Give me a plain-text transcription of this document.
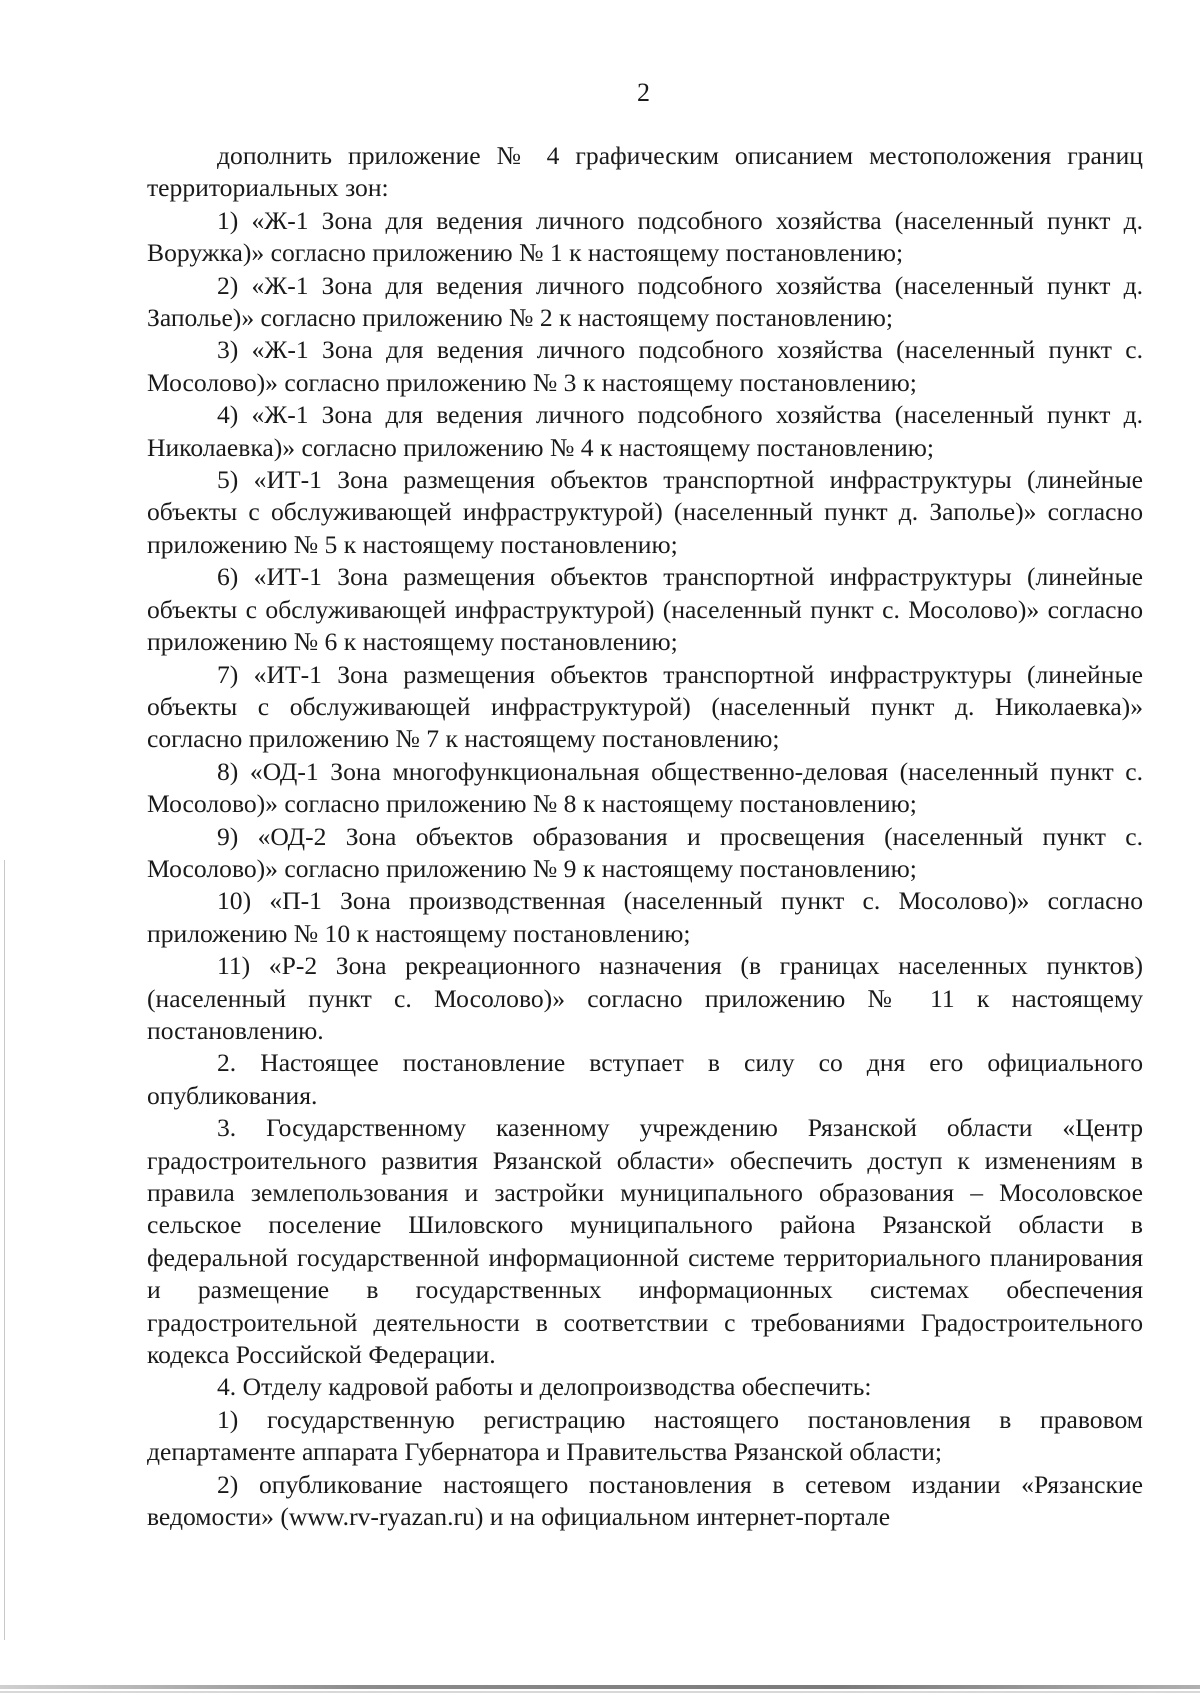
2

дополнить приложение № 4 графическим описанием местоположения границ территориальных зон:

1) «Ж-1 Зона для ведения личного подсобного хозяйства (населенный пункт д. Воружка)» согласно приложению № 1 к настоящему постановлению;

2) «Ж-1 Зона для ведения личного подсобного хозяйства (населенный пункт д. Заполье)» согласно приложению № 2 к настоящему постановлению;

3) «Ж-1 Зона для ведения личного подсобного хозяйства (населенный пункт с. Мосолово)» согласно приложению № 3 к настоящему постановлению;

4) «Ж-1 Зона для ведения личного подсобного хозяйства (населенный пункт д. Николаевка)» согласно приложению № 4 к настоящему постановлению;

5) «ИТ-1 Зона размещения объектов транспортной инфраструктуры (линейные объекты с обслуживающей инфраструктурой) (населенный пункт д. Заполье)» согласно приложению № 5 к настоящему постановлению;

6) «ИТ-1 Зона размещения объектов транспортной инфраструктуры (линейные объекты с обслуживающей инфраструктурой) (населенный пункт с. Мосолово)» согласно приложению № 6 к настоящему постановлению;

7) «ИТ-1 Зона размещения объектов транспортной инфраструктуры (линейные объекты с обслуживающей инфраструктурой) (населенный пункт д. Николаевка)» согласно приложению № 7 к настоящему постановлению;

8) «ОД-1 Зона многофункциональная общественно-деловая (населенный пункт с. Мосолово)» согласно приложению № 8 к настоящему постановлению;

9) «ОД-2 Зона объектов образования и просвещения (населенный пункт с. Мосолово)» согласно приложению № 9 к настоящему постановлению;

10) «П-1 Зона производственная (населенный пункт с. Мосолово)» согласно приложению № 10 к настоящему постановлению;

11) «Р-2 Зона рекреационного назначения (в границах населенных пунктов) (населенный пункт с. Мосолово)» согласно приложению № 11 к настоящему постановлению.

2. Настоящее постановление вступает в силу со дня его официального опубликования.

3. Государственному казенному учреждению Рязанской области «Центр градостроительного развития Рязанской области» обеспечить доступ к изменениям в правила землепользования и застройки муниципального образования – Мосоловское сельское поселение Шиловского муниципального района Рязанской области в федеральной государственной информационной системе территориального планирования и размещение в государственных информационных системах обеспечения градостроительной деятельности в соответствии с требованиями Градостроительного кодекса Российской Федерации.

4. Отделу кадровой работы и делопроизводства обеспечить:

1) государственную регистрацию настоящего постановления в правовом департаменте аппарата Губернатора и Правительства Рязанской области;

2) опубликование настоящего постановления в сетевом издании «Рязанские ведомости» (www.rv-ryazan.ru) и на официальном интернет-портале
